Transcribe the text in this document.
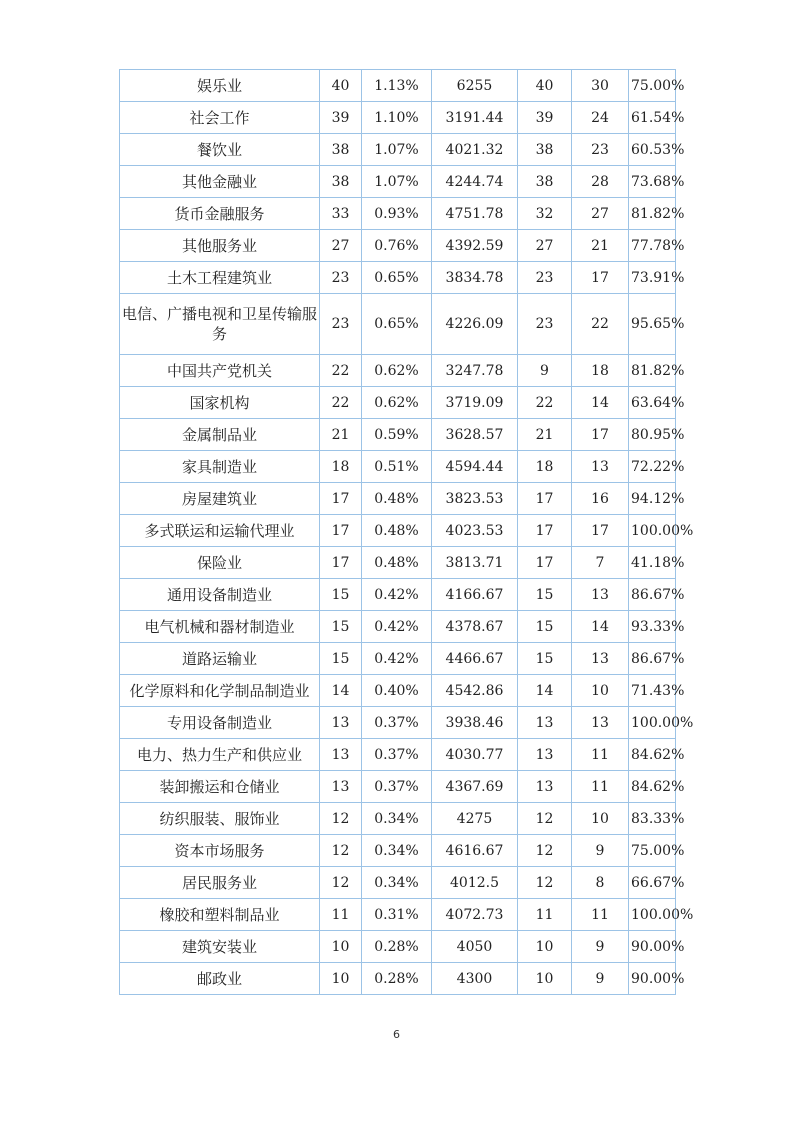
娱乐业	40	1.13%	6255	40	30	75.00%
社会工作	39	1.10%	3191.44	39	24	61.54%
餐饮业	38	1.07%	4021.32	38	23	60.53%
其他金融业	38	1.07%	4244.74	38	28	73.68%
货币金融服务	33	0.93%	4751.78	32	27	81.82%
其他服务业	27	0.76%	4392.59	27	21	77.78%
土木工程建筑业	23	0.65%	3834.78	23	17	73.91%
电信、广播电视和卫星传输服务	23	0.65%	4226.09	23	22	95.65%
中国共产党机关	22	0.62%	3247.78	9	18	81.82%
国家机构	22	0.62%	3719.09	22	14	63.64%
金属制品业	21	0.59%	3628.57	21	17	80.95%
家具制造业	18	0.51%	4594.44	18	13	72.22%
房屋建筑业	17	0.48%	3823.53	17	16	94.12%
多式联运和运输代理业	17	0.48%	4023.53	17	17	100.00%
保险业	17	0.48%	3813.71	17	7	41.18%
通用设备制造业	15	0.42%	4166.67	15	13	86.67%
电气机械和器材制造业	15	0.42%	4378.67	15	14	93.33%
道路运输业	15	0.42%	4466.67	15	13	86.67%
化学原料和化学制品制造业	14	0.40%	4542.86	14	10	71.43%
专用设备制造业	13	0.37%	3938.46	13	13	100.00%
电力、热力生产和供应业	13	0.37%	4030.77	13	11	84.62%
装卸搬运和仓储业	13	0.37%	4367.69	13	11	84.62%
纺织服装、服饰业	12	0.34%	4275	12	10	83.33%
资本市场服务	12	0.34%	4616.67	12	9	75.00%
居民服务业	12	0.34%	4012.5	12	8	66.67%
橡胶和塑料制品业	11	0.31%	4072.73	11	11	100.00%
建筑安装业	10	0.28%	4050	10	9	90.00%
邮政业	10	0.28%	4300	10	9	90.00%
6
